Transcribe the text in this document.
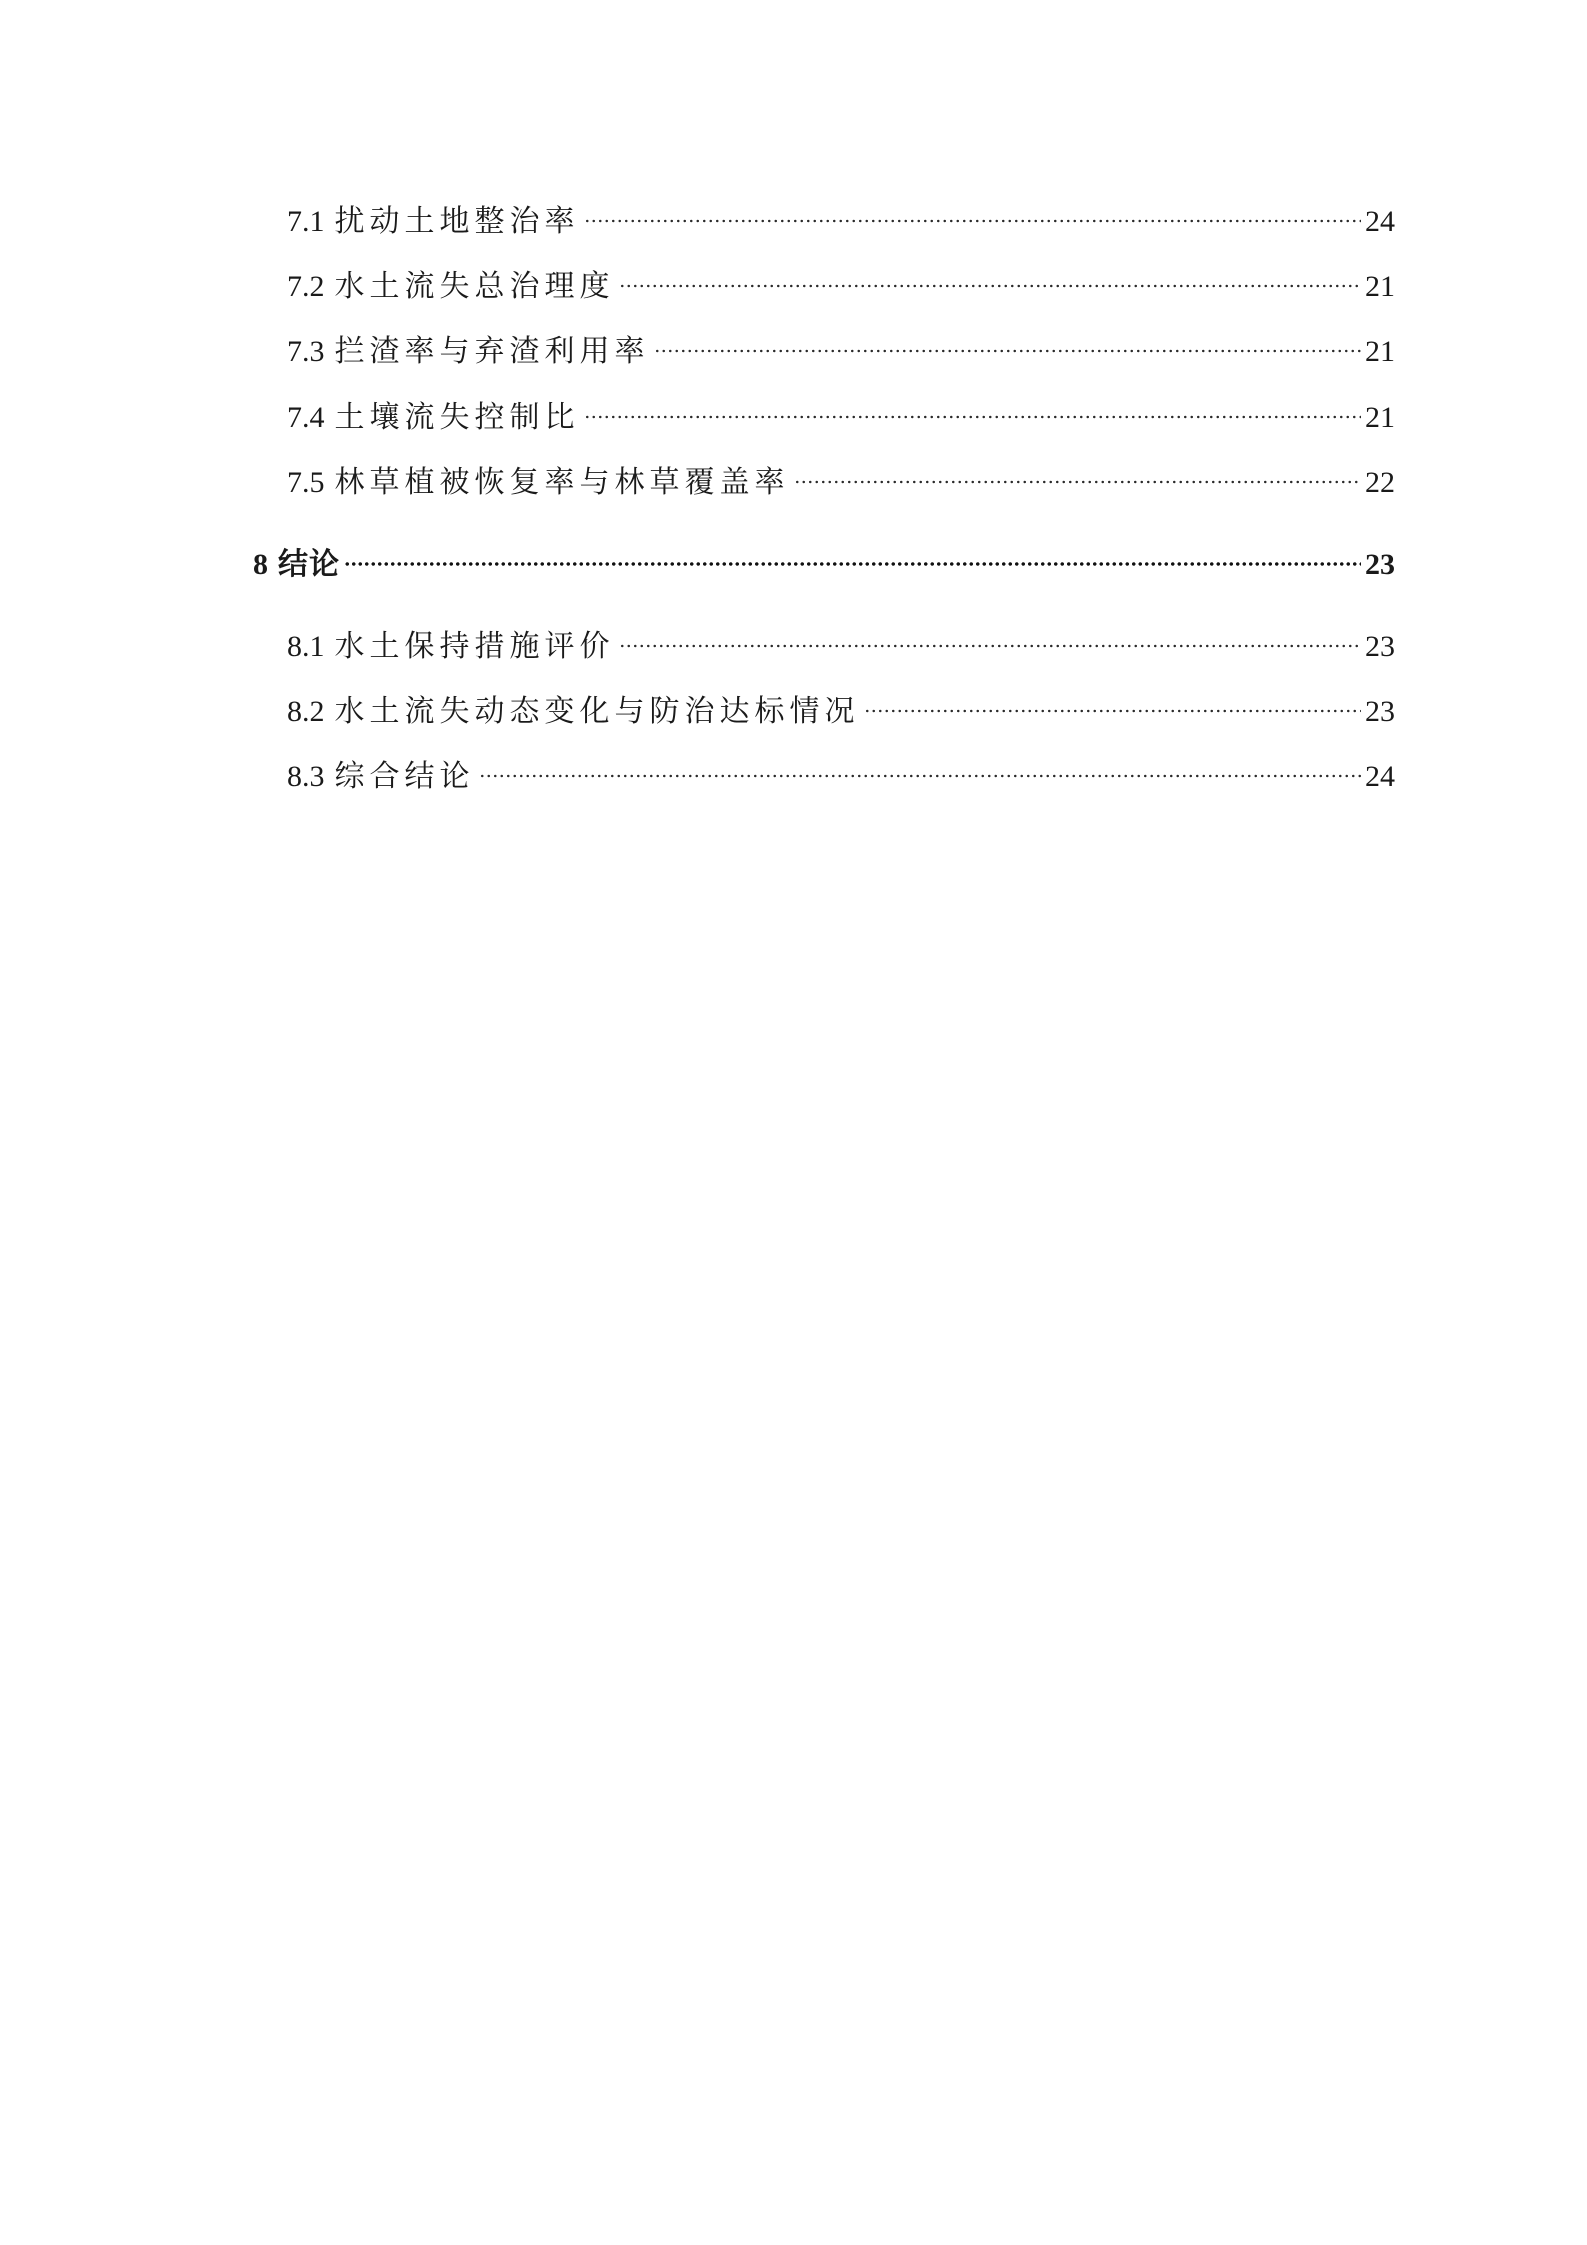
7.1 扰动土地整治率	24
7.2 水土流失总治理度	21
7.3 拦渣率与弃渣利用率	21
7.4 土壤流失控制比	21
7.5 林草植被恢复率与林草覆盖率	22
8 结论	23
8.1 水土保持措施评价	23
8.2 水土流失动态变化与防治达标情况	23
8.3 综合结论	24
